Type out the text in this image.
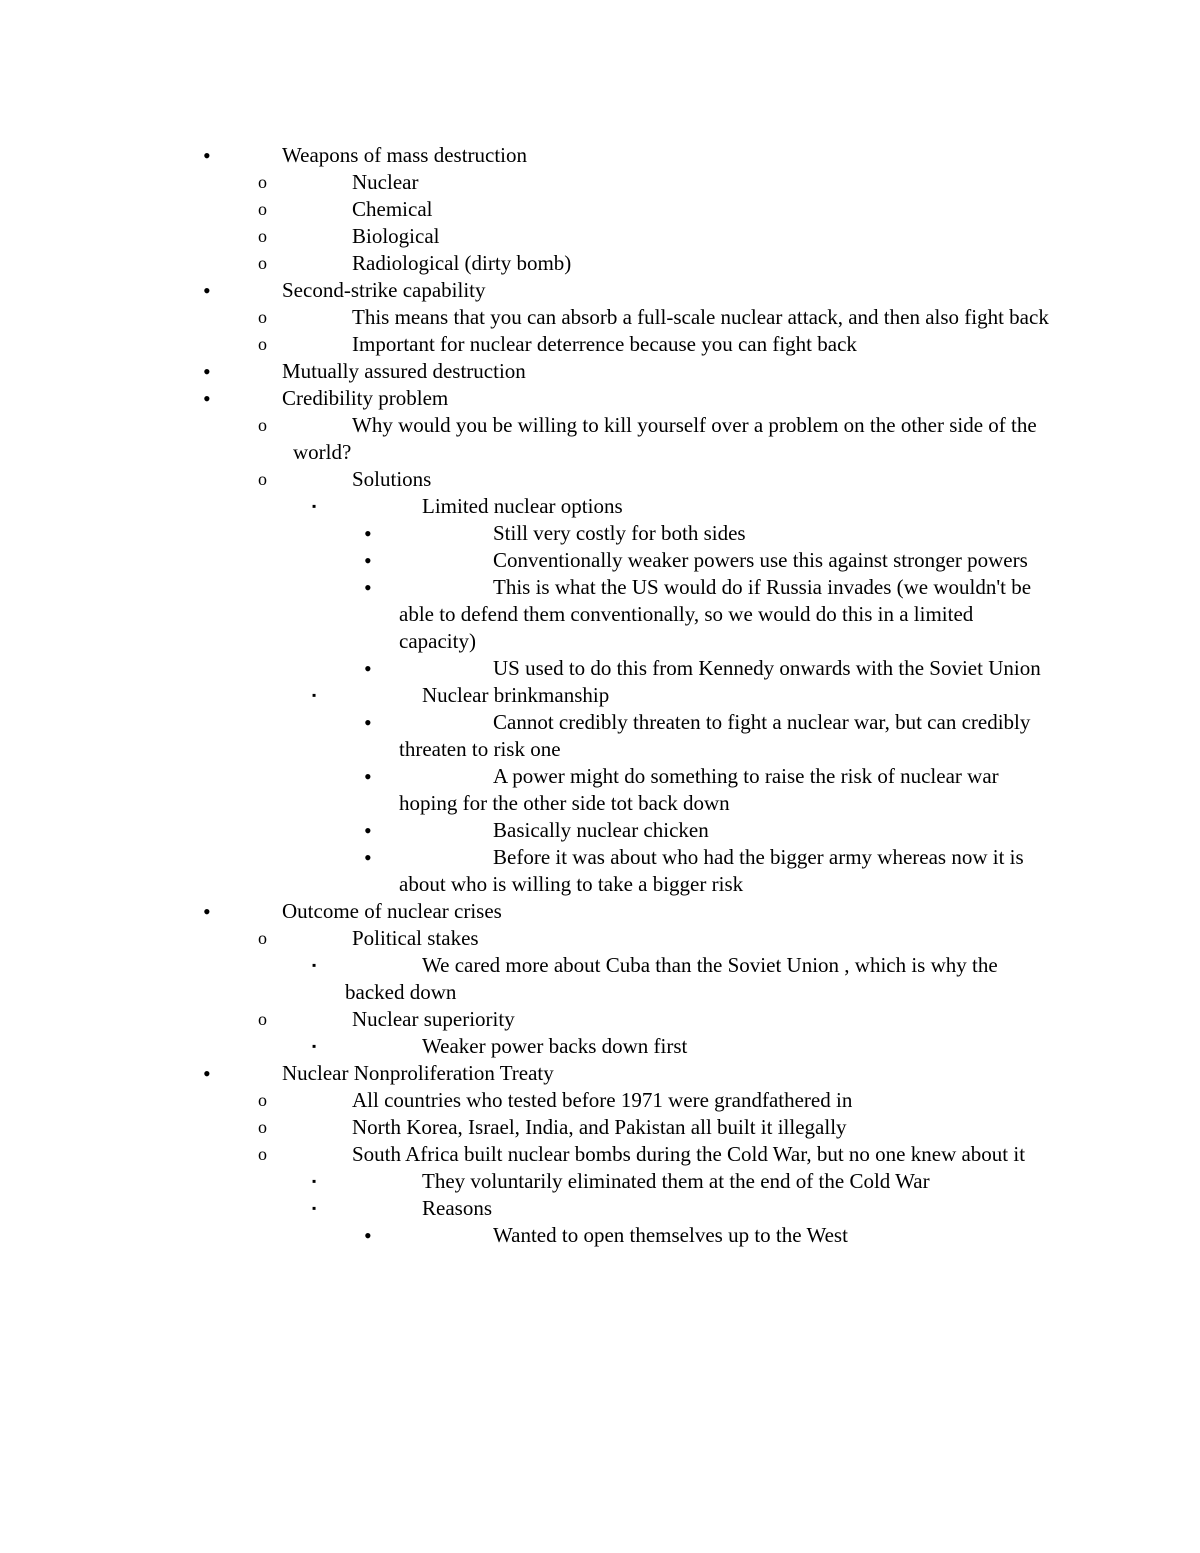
•	Weapons of mass destruction
o	Nuclear
o	Chemical
o	Biological
o	Radiological (dirty bomb)
•	Second-strike capability
o	This means that you can absorb a full-scale nuclear attack, and then also fight back
o	Important for nuclear deterrence because you can fight back
•	Mutually assured destruction
•	Credibility problem
o	Why would you be willing to kill yourself over a problem on the other side of the world?
o	Solutions
▪	Limited nuclear options
•	Still very costly for both sides
•	Conventionally weaker powers use this against stronger powers
•	This is what the US would do if Russia invades (we wouldn't be able to defend them conventionally, so we would do this in a limited capacity)
•	US used to do this from Kennedy onwards with the Soviet Union
▪	Nuclear brinkmanship
•	Cannot credibly threaten to fight a nuclear war, but can credibly threaten to risk one
•	A power might do something to raise the risk of nuclear war hoping for the other side tot back down
•	Basically nuclear chicken
•	Before it was about who had the bigger army whereas now it is about who is willing to take a bigger risk
•	Outcome of nuclear crises
o	Political stakes
▪	We cared more about Cuba than the Soviet Union , which is why the backed down
o	Nuclear superiority
▪	Weaker power backs down first
•	Nuclear Nonproliferation Treaty
o	All countries who tested before 1971 were grandfathered in
o	North Korea, Israel, India, and Pakistan all built it illegally
o	South Africa built nuclear bombs during the Cold War, but no one knew about it
▪	They voluntarily eliminated them at the end of the Cold War
▪	Reasons
•	Wanted to open themselves up to the West
